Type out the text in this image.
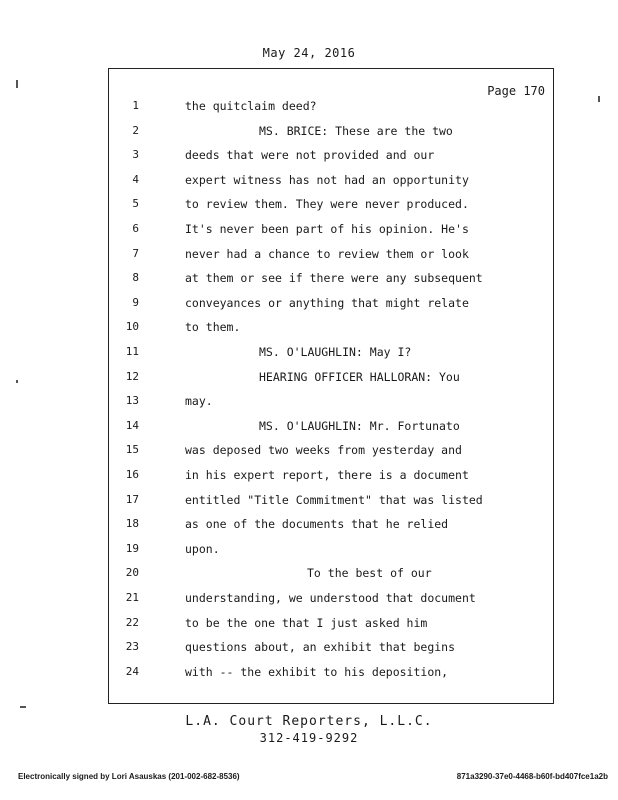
May 24, 2016
Page 170
1	the quitclaim deed?
2	MS. BRICE: These are the two
3	deeds that were not provided and our
4	expert witness has not had an opportunity
5	to review them. They were never produced.
6	It's never been part of his opinion. He's
7	never had a chance to review them or look
8	at them or see if there were any subsequent
9	conveyances or anything that might relate
10	to them.
11	MS. O'LAUGHLIN: May I?
12	HEARING OFFICER HALLORAN: You
13	may.
14	MS. O'LAUGHLIN: Mr. Fortunato
15	was deposed two weeks from yesterday and
16	in his expert report, there is a document
17	entitled "Title Commitment" that was listed
18	as one of the documents that he relied
19	upon.
20	To the best of our
21	understanding, we understood that document
22	to be the one that I just asked him
23	questions about, an exhibit that begins
24	with -- the exhibit to his deposition,
L.A. Court Reporters, L.L.C.
312-419-9292
Electronically signed by Lori Asauskas (201-002-682-8536)	871a3290-37e0-4468-b60f-bd407fce1a2b
